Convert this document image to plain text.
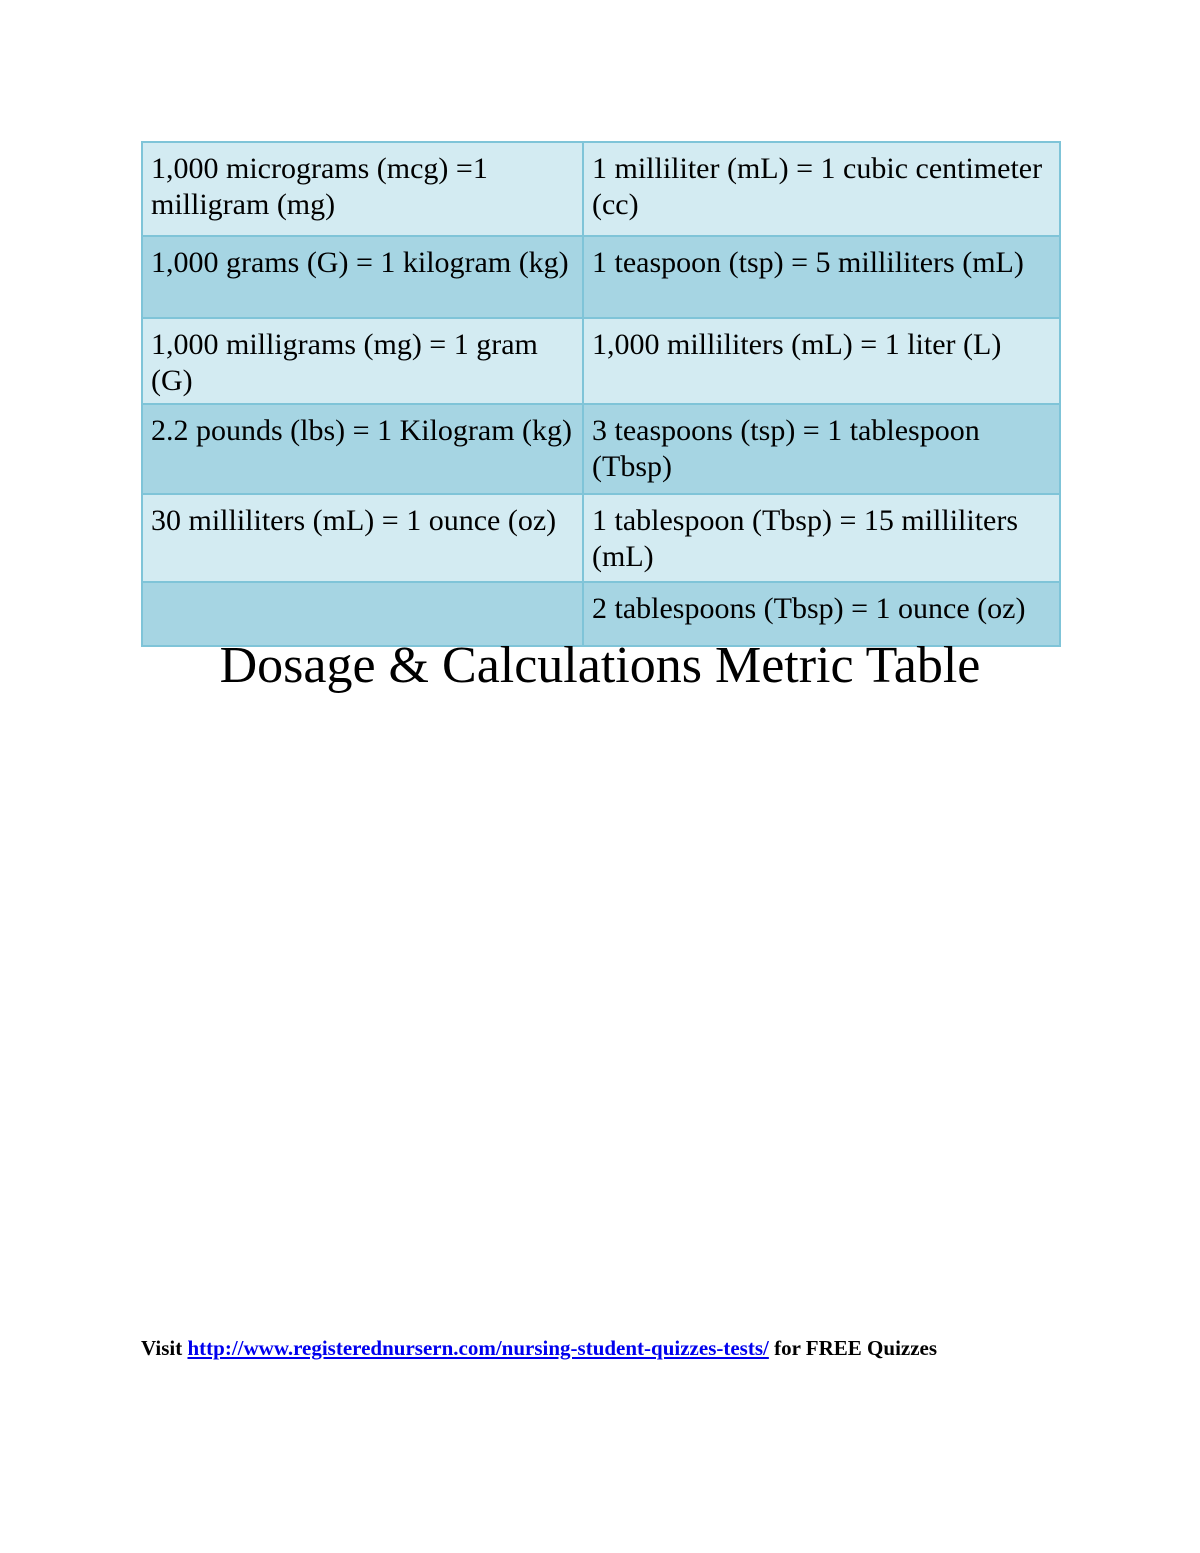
1,000 micrograms (mcg) =1 milligram (mg)	1 milliliter (mL) = 1 cubic centimeter (cc)
1,000 grams (G) = 1 kilogram (kg)	1 teaspoon (tsp) = 5 milliliters (mL)
1,000 milligrams (mg) = 1 gram (G)	1,000 milliliters (mL) = 1 liter (L)
2.2 pounds (lbs) = 1 Kilogram (kg)	3 teaspoons (tsp) = 1 tablespoon (Tbsp)
30 milliliters (mL) = 1 ounce (oz)	1 tablespoon (Tbsp) = 15 milliliters (mL)
	2 tablespoons (Tbsp) = 1 ounce (oz)
Dosage & Calculations Metric Table
Visit http://www.registerednursern.com/nursing-student-quizzes-tests/ for FREE Quizzes
